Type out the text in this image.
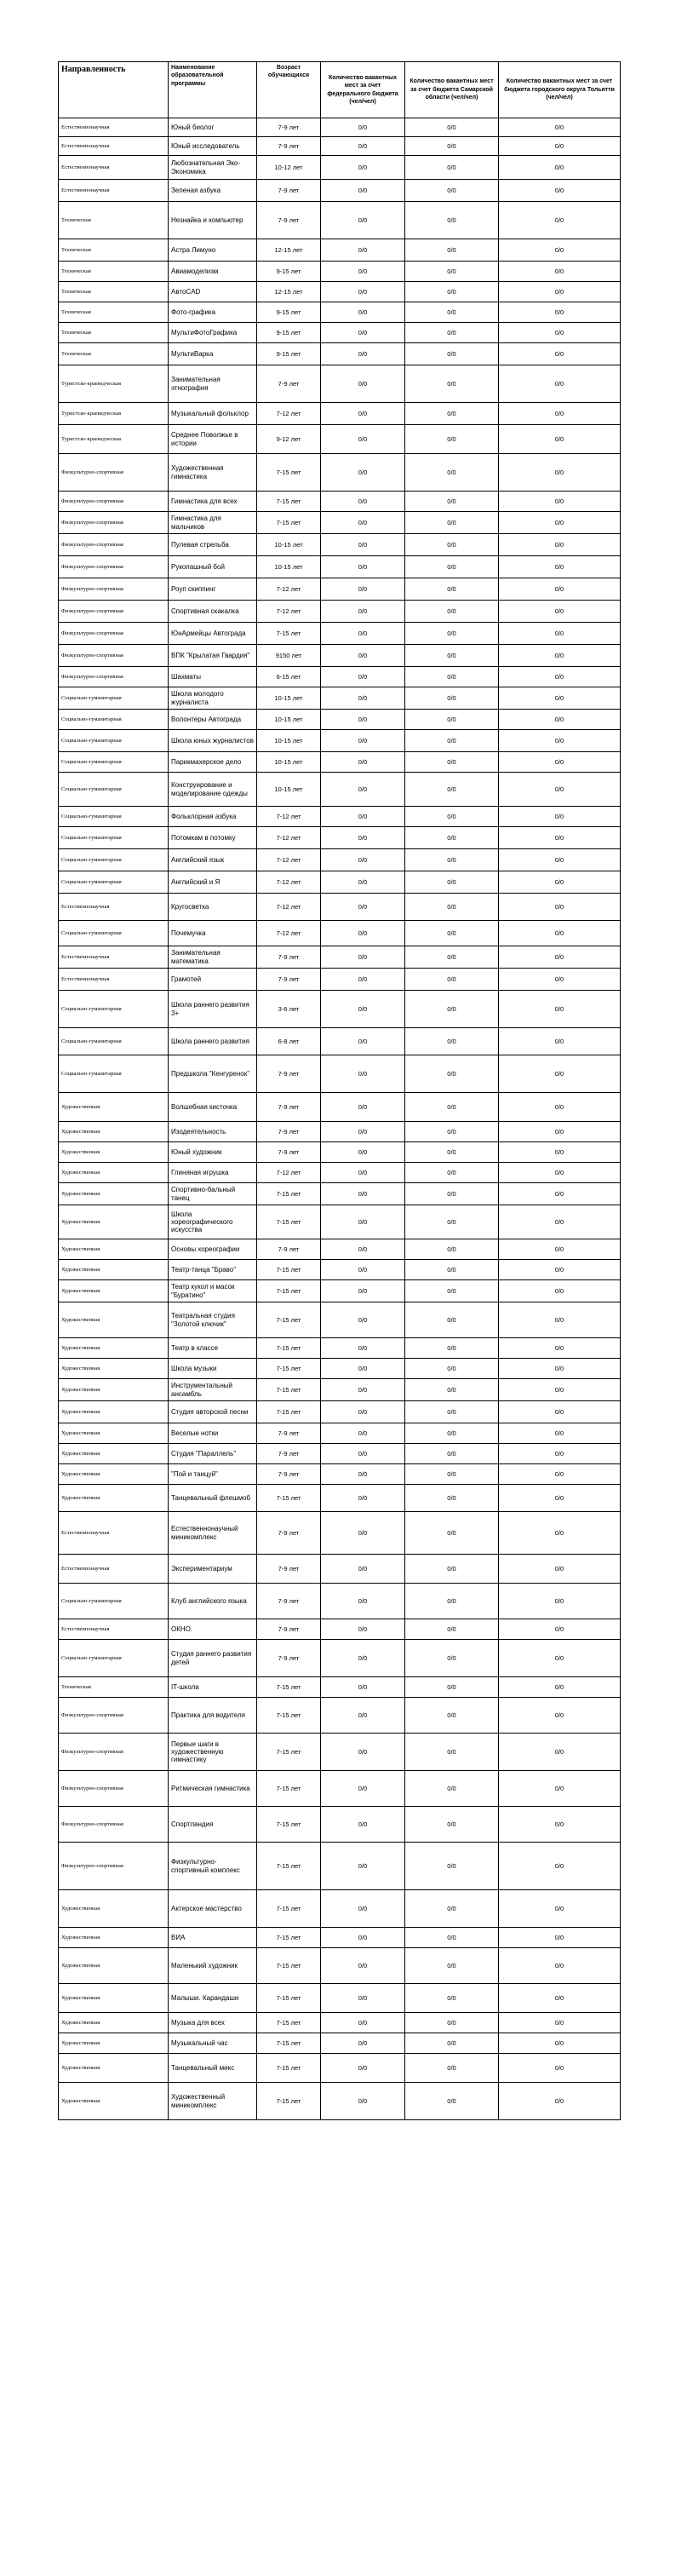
Направленность	Наименование образовательной программы	Возраст обучающихся	Количество вакантных мест за счет федерального бюджета (чел/чел)	Количество вакантных мест за счет бюджета Самарской области (чел/чел)	Количество вакантных мест за счет бюджета городского округа Тольятти (чел/чел)
Естественнонаучная	Юный биолог	7-9 лет	0/0	0/0	0/0
Естественнонаучная	Юный исследователь	7-9 лет	0/0	0/0	0/0
Естественнонаучная	Любознательная Эко-Экономика	10-12 лет	0/0	0/0	0/0
Естественнонаучная	Зеленая азбука	7-9 лет	0/0	0/0	0/0
Техническая	Незнайка и компьютер	7-9 лет	0/0	0/0	0/0
Техническая	Астра Лимуно	12-15 лет	0/0	0/0	0/0
Техническая	Авиамоделизм	9-15 лет	0/0	0/0	0/0
Техническая	АвтоCAD	12-15 лет	0/0	0/0	0/0
Техническая	Фото-графика	9-15 лет	0/0	0/0	0/0
Техническая	МультиФотоГрафика	9-15 лет	0/0	0/0	0/0
Техническая	МультиВарка	9-15 лет	0/0	0/0	0/0
Туристско-краеведческая	Занимательная этнография	7-9 лет	0/0	0/0	0/0
Туристско-краеведческая	Музыкальный фольклор	7-12 лет	0/0	0/0	0/0
Туристско-краеведческая	Среднее Поволжье в истории	9-12 лет	0/0	0/0	0/0
Физкультурно-спортивная	Художественная гимнастика	7-15 лет	0/0	0/0	0/0
Физкультурно-спортивная	Гимнастика для всех	7-15 лет	0/0	0/0	0/0
Физкультурно-спортивная	Гимнастика для мальчиков	7-15 лет	0/0	0/0	0/0
Физкультурно-спортивная	Пулевая стрельба	10-15 лет	0/0	0/0	0/0
Физкультурно-спортивная	Рукопашный бой	10-15 лет	0/0	0/0	0/0
Физкультурно-спортивная	Роуп скиппинг	7-12 лет	0/0	0/0	0/0
Физкультурно-спортивная	Спортивная скакалка	7-12 лет	0/0	0/0	0/0
Физкультурно-спортивная	ЮнАрмейцы Автограда	7-15 лет	0/0	0/0	0/0
Физкультурно-спортивная	ВПК "Крылатая Гвардия"	9150 лет	0/0	0/0	0/0
Физкультурно-спортивная	Шахматы	6-15 лет	0/0	0/0	0/0
Социально-гуманитарная	Школа молодого журналиста	10-15 лет	0/0	0/0	0/0
Социально-гуманитарная	Волонтеры Автограда	10-15 лет	0/0	0/0	0/0
Социально-гуманитарная	Школа юных журналистов	10-15 лет	0/0	0/0	0/0
Социально-гуманитарная	Парикмахерское дело	10-15 лет	0/0	0/0	0/0
Социально-гуманитарная	Конструирование и моделирование одежды	10-15 лет	0/0	0/0	0/0
Социально-гуманитарная	Фольклорная азбука	7-12 лет	0/0	0/0	0/0
Социально-гуманитарная	Потомкам в потомку	7-12 лет	0/0	0/0	0/0
Социально-гуманитарная	Английский язык	7-12 лет	0/0	0/0	0/0
Социально-гуманитарная	Английский и Я	7-12 лет	0/0	0/0	0/0
Естественнонаучная	Кругосветка	7-12 лет	0/0	0/0	0/0
Социально-гуманитарная	Почемучка	7-12 лет	0/0	0/0	0/0
Естественнонаучная	Занимательная математика	7-9 лет	0/0	0/0	0/0
Естественнонаучная	Грамотей	7-9 лет	0/0	0/0	0/0
Социально-гуманитарная	Школа раннего развития 3+	3-6 лет	0/0	0/0	0/0
Социально-гуманитарная	Школа раннего развития	6-8 лет	0/0	0/0	0/0
Социально-гуманитарная	Предшкола "Кенгуренок"	7-9 лет	0/0	0/0	0/0
Художественная	Волшебная кисточка	7-9 лет	0/0	0/0	0/0
Художественная	Изодеятельность	7-9 лет	0/0	0/0	0/0
Художественная	Юный художник	7-9 лет	0/0	0/0	0/0
Художественная	Глиняная игрушка	7-12 лет	0/0	0/0	0/0
Художественная	Спортивно-бальный танец	7-15 лет	0/0	0/0	0/0
Художественная	Школа хореографического искусства	7-15 лет	0/0	0/0	0/0
Художественная	Основы хореографии	7-9 лет	0/0	0/0	0/0
Художественная	Театр-танца "Браво"	7-15 лет	0/0	0/0	0/0
Художественная	Театр кукол и масок "Буратино"	7-15 лет	0/0	0/0	0/0
Художественная	Театральная студия "Золотой ключик"	7-15 лет	0/0	0/0	0/0
Художественная	Театр в классе	7-15 лет	0/0	0/0	0/0
Художественная	Школа музыки	7-15 лет	0/0	0/0	0/0
Художественная	Инструментальный ансамбль	7-15 лет	0/0	0/0	0/0
Художественная	Студия авторской песни	7-15 лет	0/0	0/0	0/0
Художественная	Веселые нотки	7-9 лет	0/0	0/0	0/0
Художественная	Студия "Параллель"	7-9 лет	0/0	0/0	0/0
Художественная	"Пой и танцуй"	7-9 лет	0/0	0/0	0/0
Художественная	Танцевальный флешмоб	7-15 лет	0/0	0/0	0/0
Естественнонаучная	Естественнонаучный миникомплекс	7-9 лет	0/0	0/0	0/0
Естественнонаучная	Экспериментариум	7-9 лет	0/0	0/0	0/0
Социально-гуманитарная	Клуб английского языка	7-9 лет	0/0	0/0	0/0
Естественнонаучная	ОКНО.	7-9 лет	0/0	0/0	0/0
Социально-гуманитарная	Студия раннего развития детей	7-9 лет	0/0	0/0	0/0
Техническая	IT-школа	7-15 лет	0/0	0/0	0/0
Физкультурно-спортивная	Практика для водителя	7-15 лет	0/0	0/0	0/0
Физкультурно-спортивная	Первые шаги в художественную гимнастику	7-15 лет	0/0	0/0	0/0
Физкультурно-спортивная	Ритмическая гимнастика	7-15 лет	0/0	0/0	0/0
Физкультурно-спортивная	Спортландия	7-15 лет	0/0	0/0	0/0
Физкультурно-спортивная	Физкультурно-спортивный комплекс	7-15 лет	0/0	0/0	0/0
Художественная	Актерское мастерство	7-15 лет	0/0	0/0	0/0
Художественная	ВИА	7-15 лет	0/0	0/0	0/0
Художественная	Маленький художник	7-15 лет	0/0	0/0	0/0
Художественная	Малыши. Карандаши	7-15 лет	0/0	0/0	0/0
Художественная	Музыка для всех	7-15 лет	0/0	0/0	0/0
Художественная	Музыкальный час	7-15 лет	0/0	0/0	0/0
Художественная	Танцевальный микс	7-15 лет	0/0	0/0	0/0
Художественная	Художественный миникомплекс	7-15 лет	0/0	0/0	0/0
